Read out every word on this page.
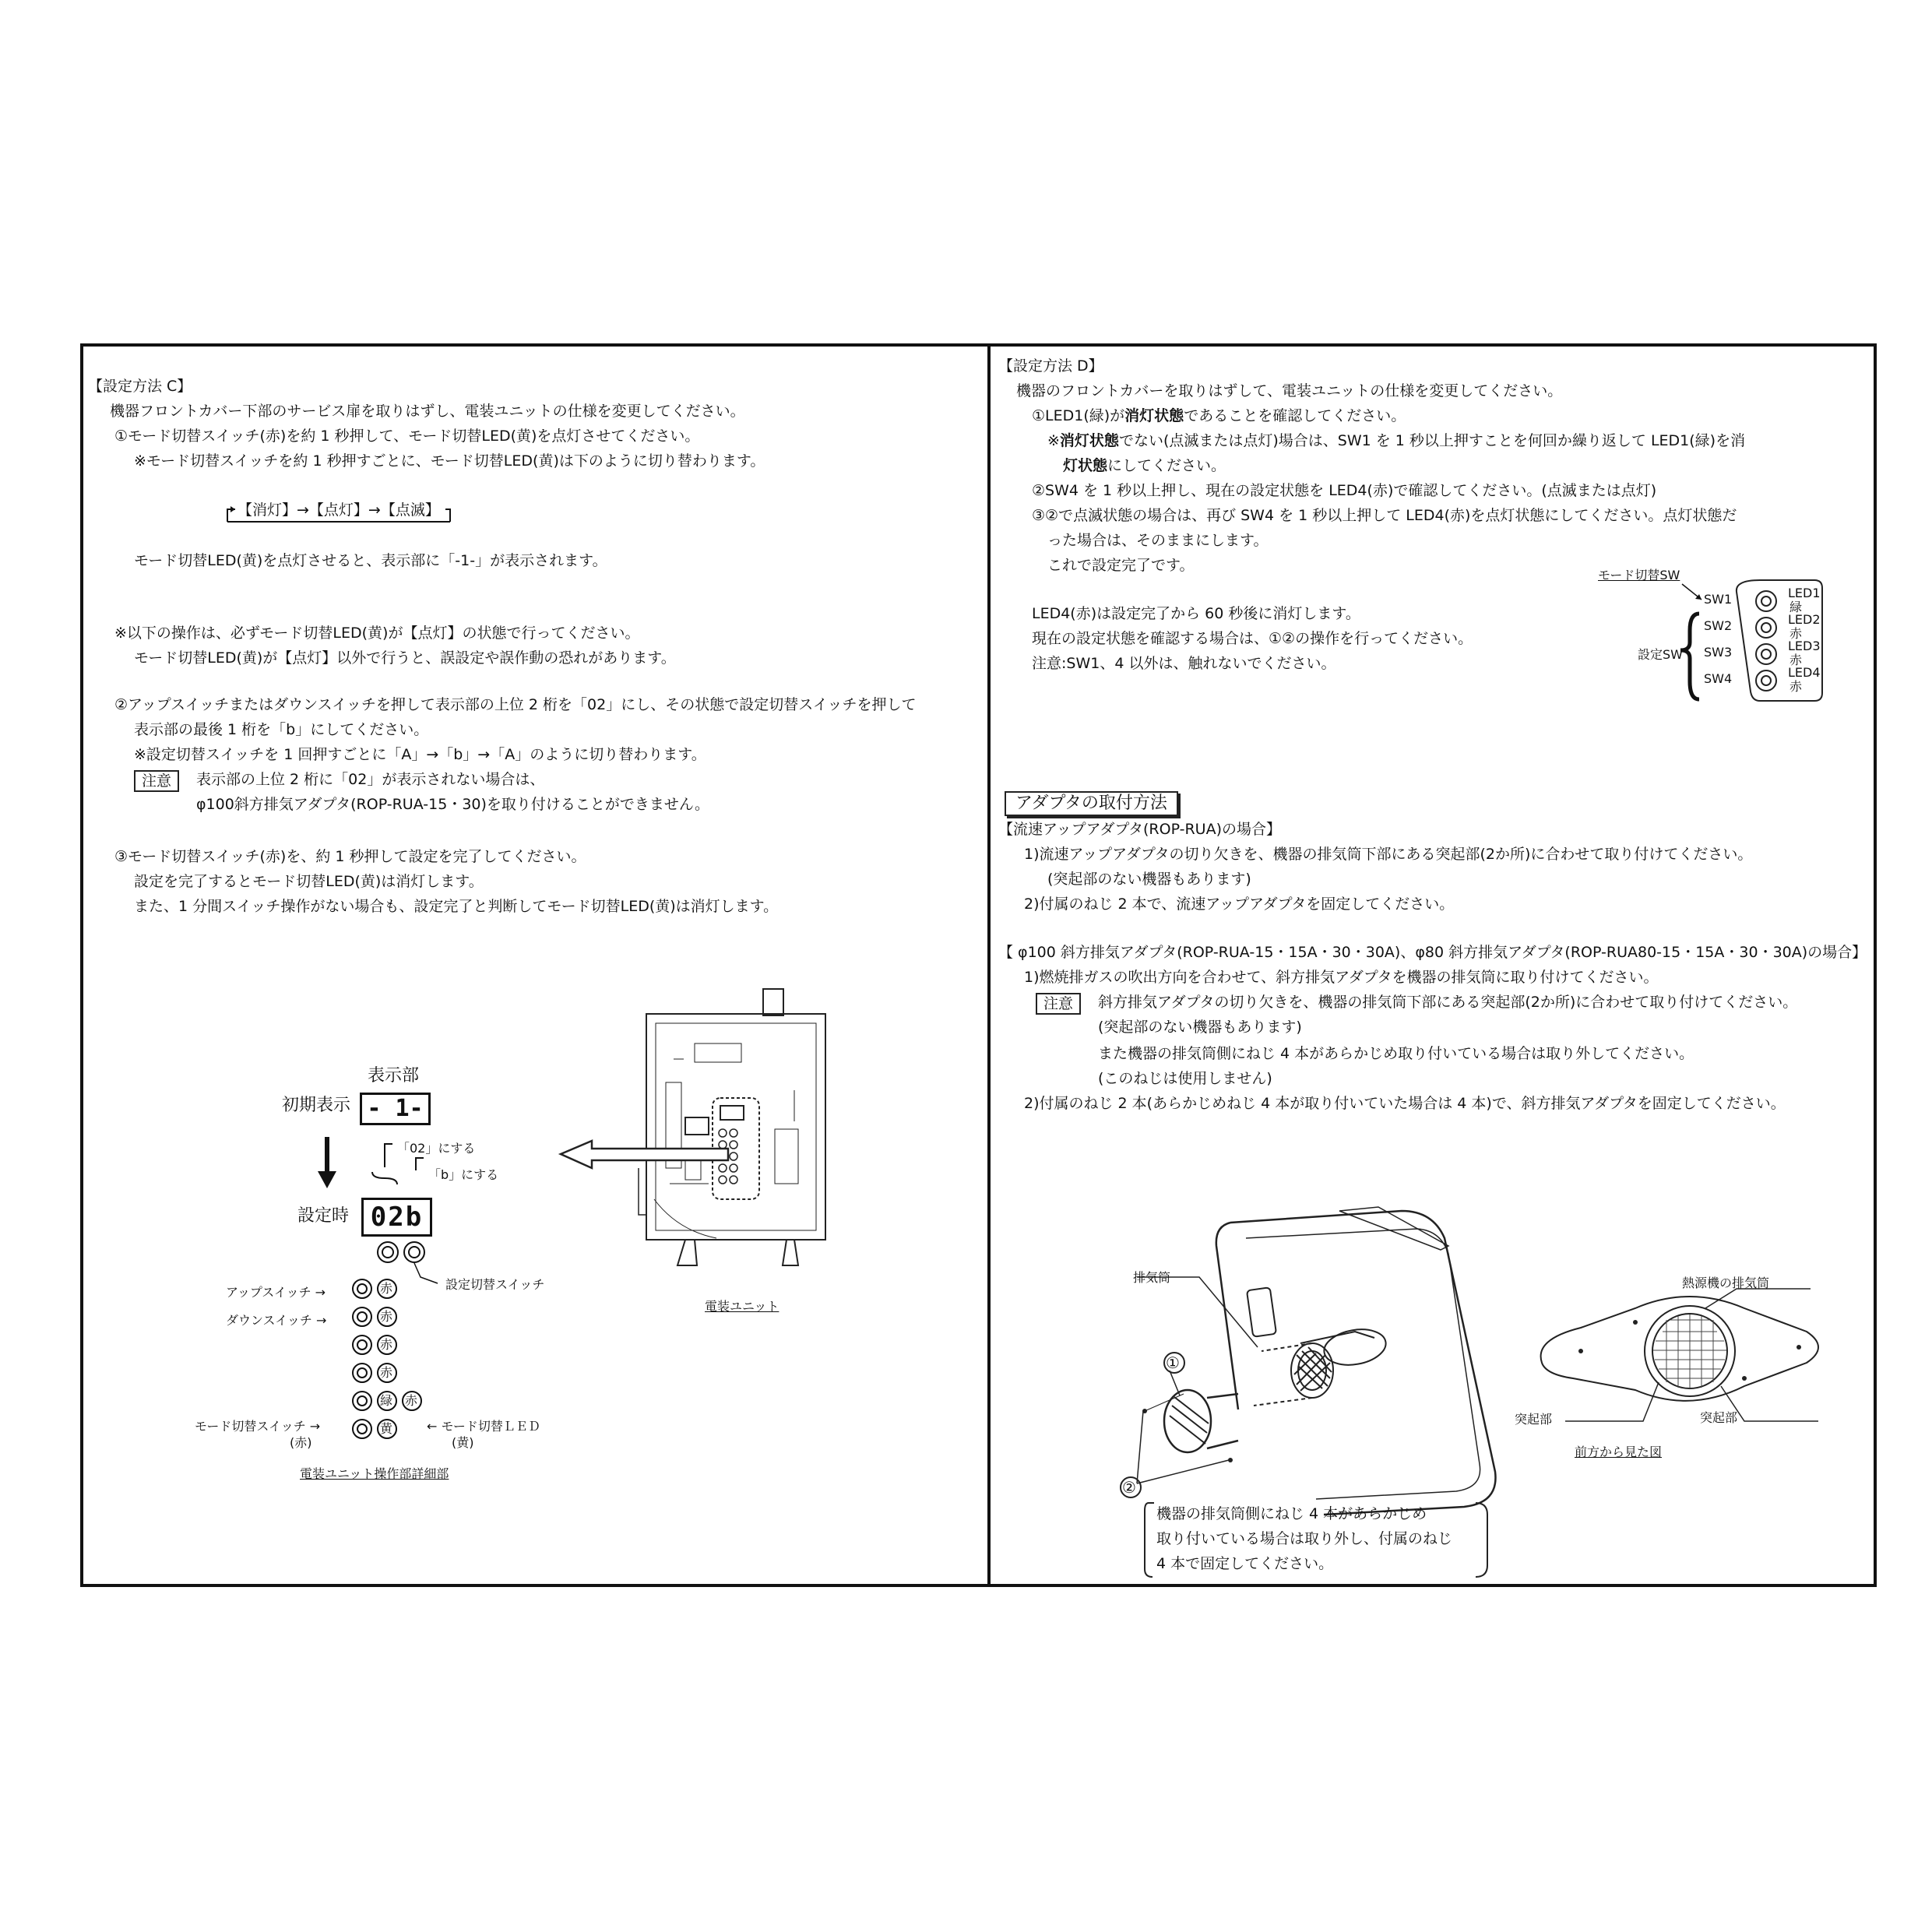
【設定方法 C】
機器フロントカバー下部のサービス扉を取りはずし、電装ユニットの仕様を変更してください。
①モード切替スイッチ(赤)を約 1 秒押して、モード切替LED(黄)を点灯させてください。
※モード切替スイッチを約 1 秒押すごとに、モード切替LED(黄)は下のように切り替わります。
【消灯】→【点灯】→【点滅】
モード切替LED(黄)を点灯させると、表示部に「-1-」が表示されます。
※以下の操作は、必ずモード切替LED(黄)が【点灯】の状態で行ってください。
モード切替LED(黄)が【点灯】以外で行うと、誤設定や誤作動の恐れがあります。
②アップスイッチまたはダウンスイッチを押して表示部の上位 2 桁を「02」にし、その状態で設定切替スイッチを押して
表示部の最後 1 桁を「b」にしてください。
※設定切替スイッチを 1 回押すごとに「A」→「b」→「A」のように切り替わります。
注意	表示部の上位 2 桁に「02」が表示されない場合は、
φ100斜方排気アダプタ(ROP-RUA-15・30)を取り付けることができません。
③モード切替スイッチ(赤)を、約 1 秒押して設定を完了してください。
設定を完了するとモード切替LED(黄)は消灯します。
また、1 分間スイッチ操作がない場合も、設定完了と判断してモード切替LED(黄)は消灯します。
表示部
初期表示 - 1-
「02」にする
「b」にする
設定時 02b
設定切替スイッチ
赤
赤
赤
赤
緑 赤
黄
アップスイッチ →
ダウンスイッチ →
モード切替スイッチ →
(赤)
← モード切替ＬＥＤ
(黄)
電装ユニット操作部詳細部
電装ユニット
【設定方法 D】
機器のフロントカバーを取りはずして、電装ユニットの仕様を変更してください。
①LED1(緑)が消灯状態であることを確認してください。
※消灯状態でない(点滅または点灯)場合は、SW1 を 1 秒以上押すことを何回か繰り返して LED1(緑)を消
灯状態にしてください。
②SW4 を 1 秒以上押し、現在の設定状態を LED4(赤)で確認してください。(点滅または点灯)
③②で点滅状態の場合は、再び SW4 を 1 秒以上押して LED4(赤)を点灯状態にしてください。点灯状態だ
った場合は、そのままにします。
これで設定完了です。
LED4(赤)は設定完了から 60 秒後に消灯します。
現在の設定状態を確認する場合は、①②の操作を行ってください。
注意:SW1、4 以外は、触れないでください。
モード切替SW
SW1
SW2
SW3
SW4
設定SW
LED1
LED2
LED3
LED4
緑
赤
赤
赤
アダプタの取付方法
【流速アップアダプタ(ROP-RUA)の場合】
1)流速アップアダプタの切り欠きを、機器の排気筒下部にある突起部(2か所)に合わせて取り付けてください。
(突起部のない機器もあります)
2)付属のねじ 2 本で、流速アップアダプタを固定してください。
【 φ100 斜方排気アダプタ(ROP-RUA-15・15A・30・30A)、φ80 斜方排気アダプタ(ROP-RUA80-15・15A・30・30A)の場合】
1)燃焼排ガスの吹出方向を合わせて、斜方排気アダプタを機器の排気筒に取り付けてください。
注意	斜方排気アダプタの切り欠きを、機器の排気筒下部にある突起部(2か所)に合わせて取り付けてください。
(突起部のない機器もあります)
また機器の排気筒側にねじ 4 本があらかじめ取り付いている場合は取り外してください。
(このねじは使用しません)
2)付属のねじ 2 本(あらかじめねじ 4 本が取り付いていた場合は 4 本)で、斜方排気アダプタを固定してください。
排気筒
①
②
機器の排気筒側にねじ 4 本があらかじめ
取り付いている場合は取り外し、付属のねじ
4 本で固定してください。
熱源機の排気筒
突起部	突起部
前方から見た図
